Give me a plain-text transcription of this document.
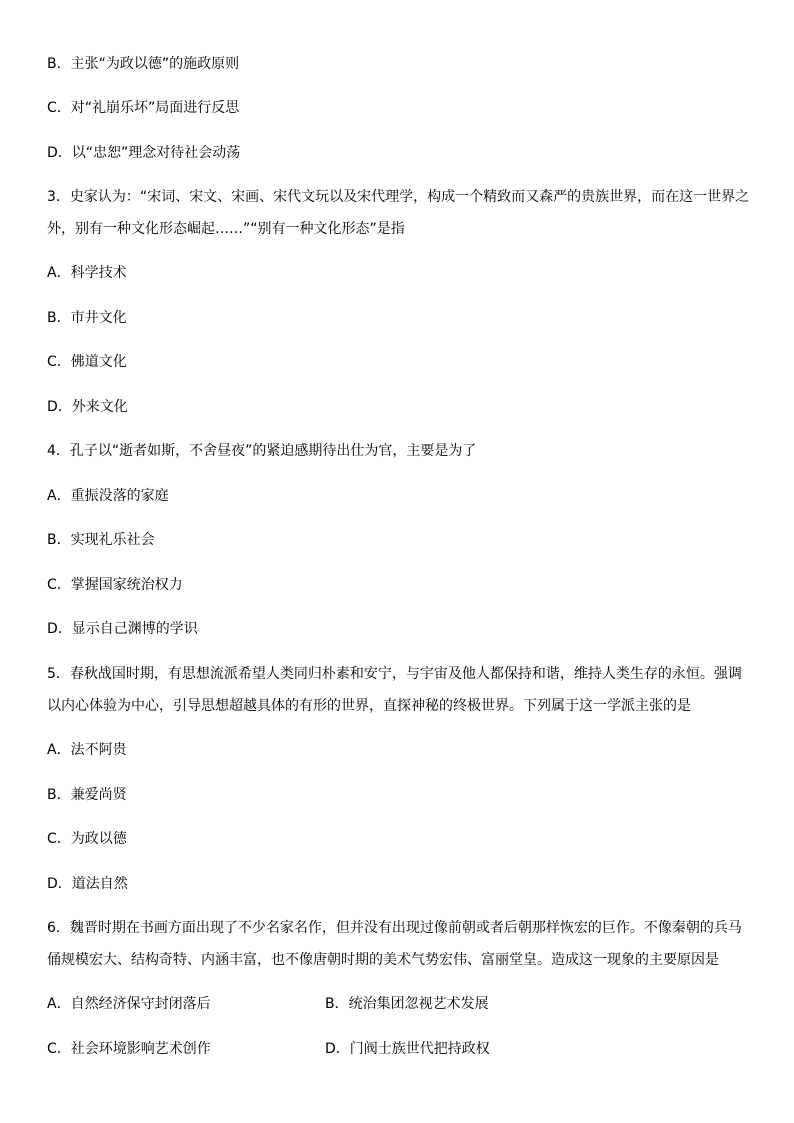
B．主张“为政以德”的施政原则
C．对“礼崩乐坏”局面进行反思
D．以“忠恕”理念对待社会动荡
3．史家认为：“宋词、宋文、宋画、宋代文玩以及宋代理学，构成一个精致而又森严的贵族世界，而在这一世界之
外，别有一种文化形态崛起……”“别有一种文化形态”是指
A．科学技术
B．市井文化
C．佛道文化
D．外来文化
4．孔子以“逝者如斯，不舍昼夜”的紧迫感期待出仕为官，主要是为了
A．重振没落的家庭
B．实现礼乐社会
C．掌握国家统治权力
D．显示自己渊博的学识
5．春秋战国时期，有思想流派希望人类同归朴素和安宁，与宇宙及他人都保持和谐，维持人类生存的永恒。强调
以内心体验为中心，引导思想超越具体的有形的世界，直探神秘的终极世界。下列属于这一学派主张的是
A．法不阿贵
B．兼爱尚贤
C．为政以德
D．道法自然
6．魏晋时期在书画方面出现了不少名家名作，但并没有出现过像前朝或者后朝那样恢宏的巨作。不像秦朝的兵马
俑规模宏大、结构奇特、内涵丰富，也不像唐朝时期的美术气势宏伟、富丽堂皇。造成这一现象的主要原因是
A．自然经济保守封闭落后	B．统治集团忽视艺术发展
C．社会环境影响艺术创作	D．门阀士族世代把持政权
